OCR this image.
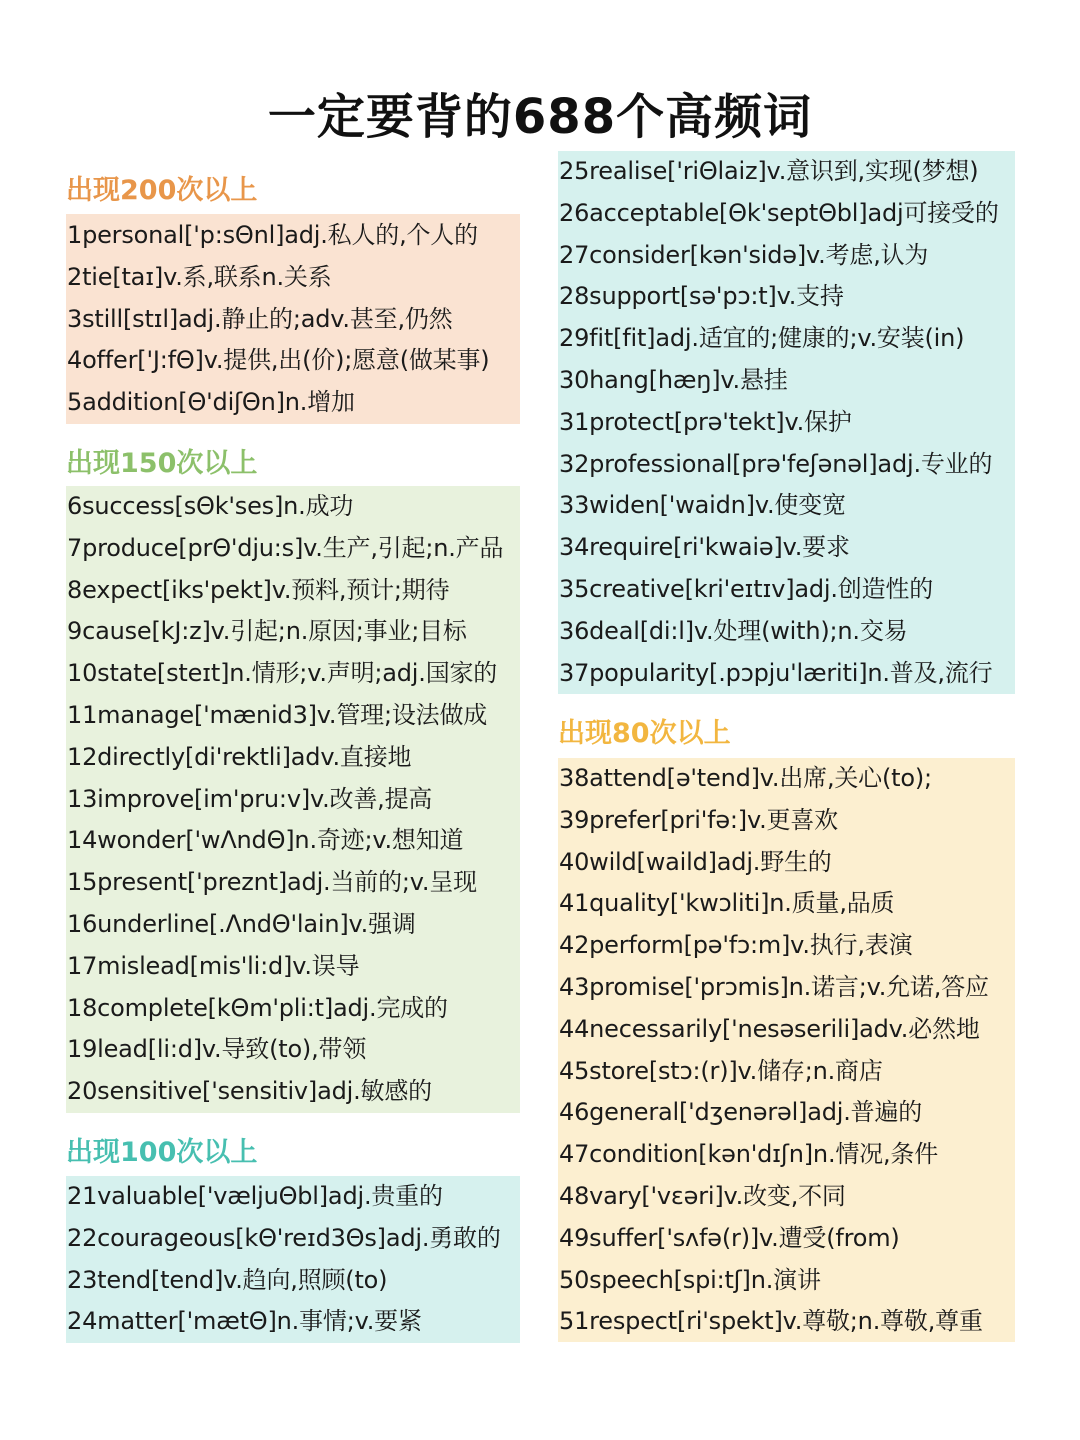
一定要背的688个高频词
出现200次以上
1personal['p:sΘnl]adj.私人的,个人的
2tie[taɪ]v.系,联系n.关系
3still[stɪl]adj.静止的;adv.甚至,仍然
4offer['J:fΘ]v.提供,出(价);愿意(做某事)
5addition[Θ'diʃΘn]n.增加
出现150次以上
6success[sΘk'ses]n.成功
7produce[prΘ'dju:s]v.生产,引起;n.产品
8expect[iks'pekt]v.预料,预计;期待
9cause[kJ:z]v.引起;n.原因;事业;目标
10state[steɪt]n.情形;v.声明;adj.国家的
11manage['mænid3]v.管理;设法做成
12directly[di'rektli]adv.直接地
13improve[im'pru:v]v.改善,提高
14wonder['wΛndΘ]n.奇迹;v.想知道
15present['preznt]adj.当前的;v.呈现
16underline[.ΛndΘ'lain]v.强调
17mislead[mis'li:d]v.误导
18complete[kΘm'pli:t]adj.完成的
19lead[li:d]v.导致(to),带领
20sensitive['sensitiv]adj.敏感的
出现100次以上
21valuable['væljuΘbl]adj.贵重的
22courageous[kΘ'reɪd3Θs]adj.勇敢的
23tend[tend]v.趋向,照顾(to)
24matter['mætΘ]n.事情;v.要紧
25realise['riΘlaiz]v.意识到,实现(梦想)
26acceptable[Θk'septΘbl]adj可接受的
27consider[kən'sidə]v.考虑,认为
28support[sə'pɔ:t]v.支持
29fit[fit]adj.适宜的;健康的;v.安装(in)
30hang[hæŋ]v.悬挂
31protect[prə'tekt]v.保护
32professional[prə'feʃənəl]adj.专业的
33widen['waidn]v.使变宽
34require[ri'kwaiə]v.要求
35creative[kri'eɪtɪv]adj.创造性的
36deal[di:l]v.处理(with);n.交易
37popularity[.pɔpju'læriti]n.普及,流行
出现80次以上
38attend[ə'tend]v.出席,关心(to);
39prefer[pri'fə:]v.更喜欢
40wild[waild]adj.野生的
41quality['kwɔliti]n.质量,品质
42perform[pə'fɔ:m]v.执行,表演
43promise['prɔmis]n.诺言;v.允诺,答应
44necessarily['nesəserili]adv.必然地
45store[stɔ:(r)]v.储存;n.商店
46general['dʒenərəl]adj.普遍的
47condition[kən'dɪʃn]n.情况,条件
48vary['vɛəri]v.改变,不同
49suffer['sʌfə(r)]v.遭受(from)
50speech[spi:tʃ]n.演讲
51respect[ri'spekt]v.尊敬;n.尊敬,尊重
